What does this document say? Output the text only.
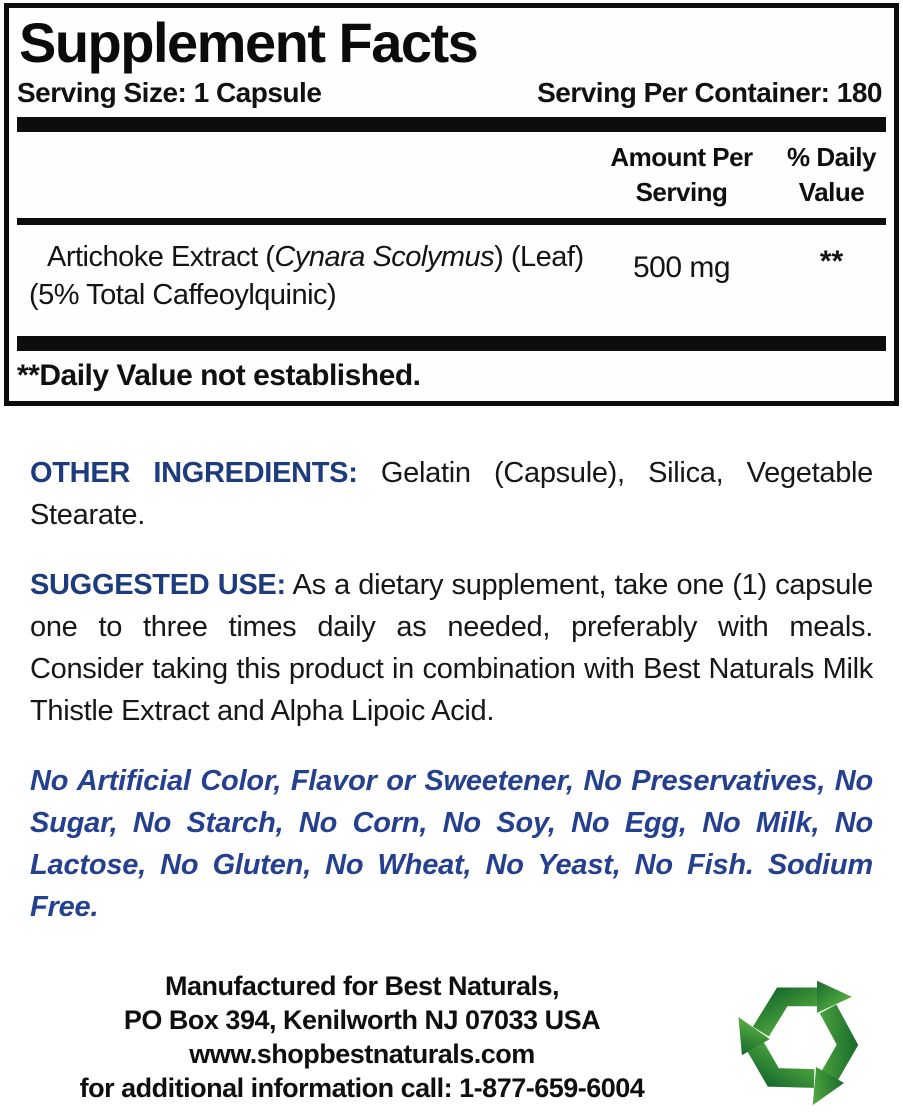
Supplement Facts
Serving Size: 1 Capsule	Serving Per Container: 180
Amount Per
Serving
% Daily
Value
Artichoke Extract (Cynara Scolymus) (Leaf)
(5% Total Caffeoylquinic)
500 mg	**
**Daily Value not established.

OTHER INGREDIENTS: Gelatin (Capsule), Silica, Vegetable Stearate.

SUGGESTED USE: As a dietary supplement, take one (1) capsule one to three times daily as needed, preferably with meals. Consider taking this product in combination with Best Naturals Milk Thistle Extract and Alpha Lipoic Acid.

No Artificial Color, Flavor or Sweetener, No Preservatives, No Sugar, No Starch, No Corn, No Soy, No Egg, No Milk, No Lactose, No Gluten, No Wheat, No Yeast, No Fish. Sodium Free.

Manufactured for Best Naturals,
PO Box 394, Kenilworth NJ 07033 USA
www.shopbestnaturals.com
for additional information call: 1-877-659-6004
